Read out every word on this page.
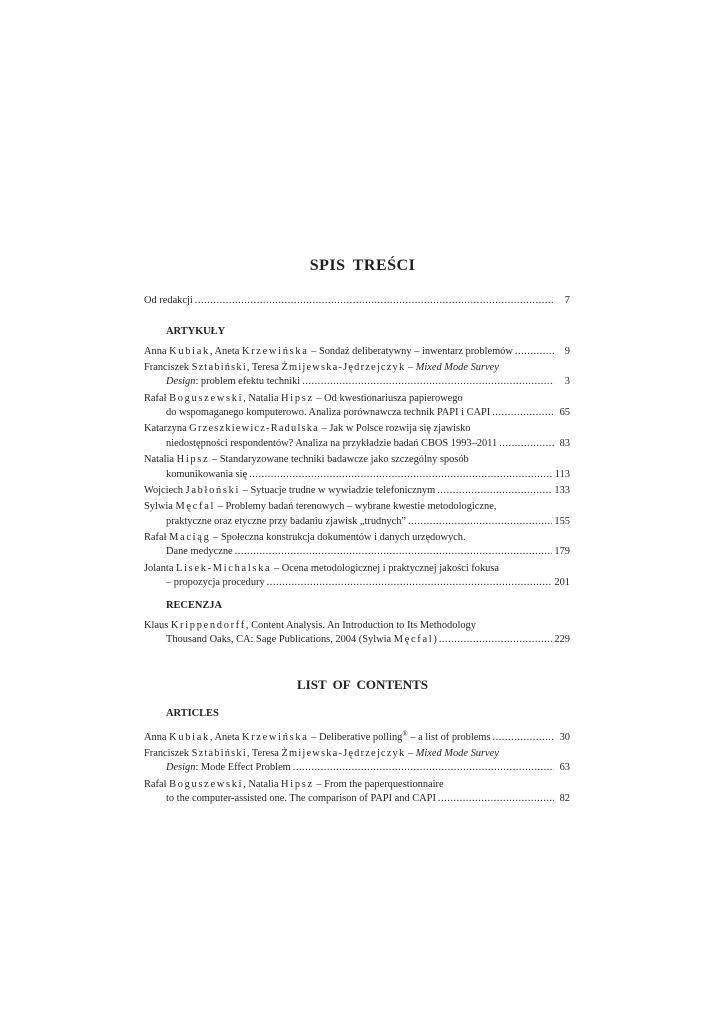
SPIS TREŚCI
Od redakcji .....	7
ARTYKUŁY
Anna Kubiak, Aneta Krzewińska – Sondaż deliberatywny – inwentarz problemów .....	9
Franciszek Sztabiński, Teresa Żmijewska-Jędrzejczyk – Mixed Mode Survey
Design: problem efektu techniki .....	3
Rafał Boguszewski, Natalia Hipsz – Od kwestionariusza papierowego
do wspomaganego komputerowo. Analiza porównawcza technik PAPI i CAPI .....	65
Katarzyna Grzeszkiewicz-Radulska – Jak w Polsce rozwija się zjawisko
niedostępności respondentów? Analiza na przykładzie badań CBOS 1993–2011 .....	83
Natalia Hipsz – Standaryzowane techniki badawcze jako szczególny sposób
komunikowania się .....	113
Wojciech Jabłoński – Sytuacje trudne w wywiadzie telefonicznym .....	133
Sylwia Męcfal – Problemy badań terenowych – wybrane kwestie metodologiczne,
praktyczne oraz etyczne przy badaniu zjawisk „trudnych” .....	155
Rafał Maciąg – Społeczna konstrukcja dokumentów i danych urzędowych.
Dane medyczne .....	179
Jolanta Lisek-Michalska – Ocena metodologicznej i praktycznej jakości fokusa
– propozycja procedury .....	201
RECENZJA
Klaus Krippendorff, Content Analysis. An Introduction to Its Methodology
Thousand Oaks, CA: Sage Publications, 2004 (Sylwia Męcfal) .....	229
LIST OF CONTENTS
ARTICLES
Anna Kubiak, Aneta Krzewińska – Deliberative polling® – a list of problems .....	30
Franciszek Sztabiński, Teresa Żmijewska-Jędrzejczyk – Mixed Mode Survey
Design: Mode Effect Problem .....	63
Rafał Boguszewski, Natalia Hipsz – From the paperquestionnaire
to the computer-assisted one. The comparison of PAPI and CAPI .....	82
